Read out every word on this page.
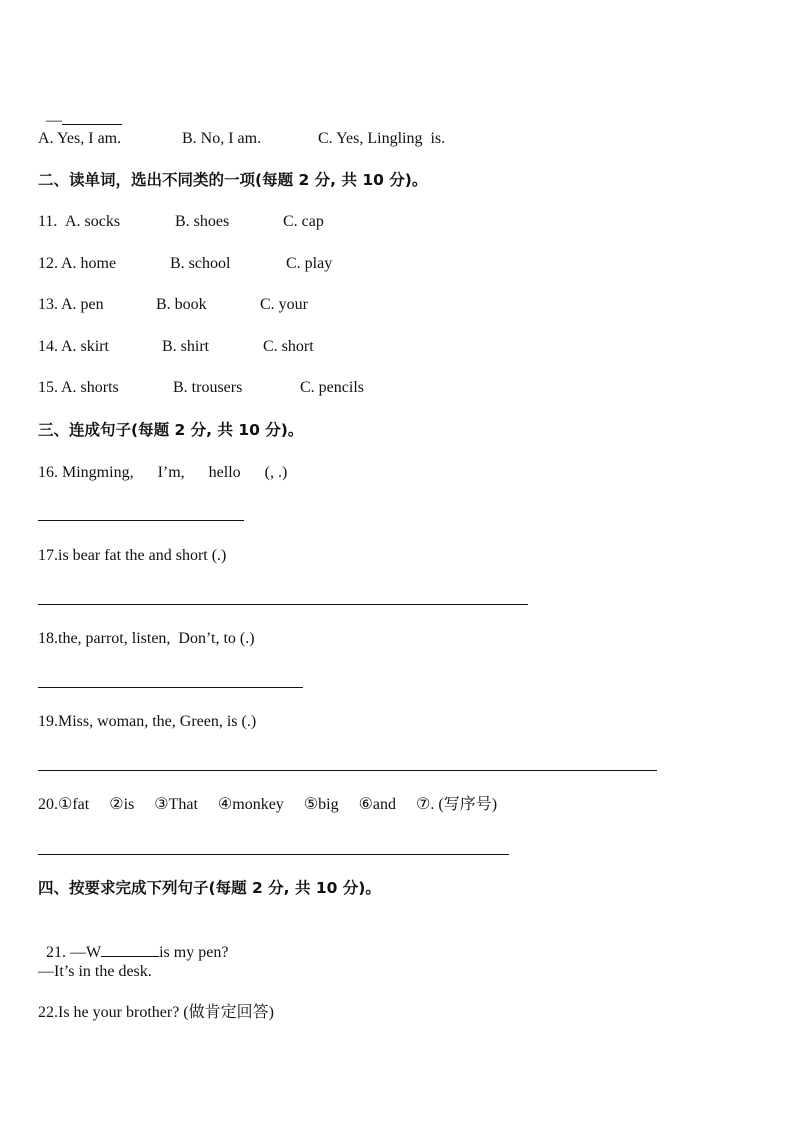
—

A. Yes, I am.	B. No, I am.	C. Yes, Lingling  is.
二、读单词，选出不同类的一项(每题 2 分, 共 10 分)。
11. A. socks	B. shoes	C. cap
12. A. home	B. school	C. play
13. A. pen	B. book	C. your
14. A. skirt	B. shirt	C. short
15. A. shorts	B. trousers	C. pencils
三、连成句子(每题 2 分, 共 10 分)。
16. Mingming,      I’m,      hello      (, .)
17.is bear fat the and short (.)
18.the, parrot, listen,  Don’t, to (.)
19.Miss, woman, the, Green, is (.)
20.①fat     ②is     ③That     ④monkey     ⑤big     ⑥and     ⑦. (写序号)
四、按要求完成下列句子(每题 2 分, 共 10 分)。

21. —W	is my pen?

—It’s in the desk.
22.Is he your brother? (做肯定回答)
